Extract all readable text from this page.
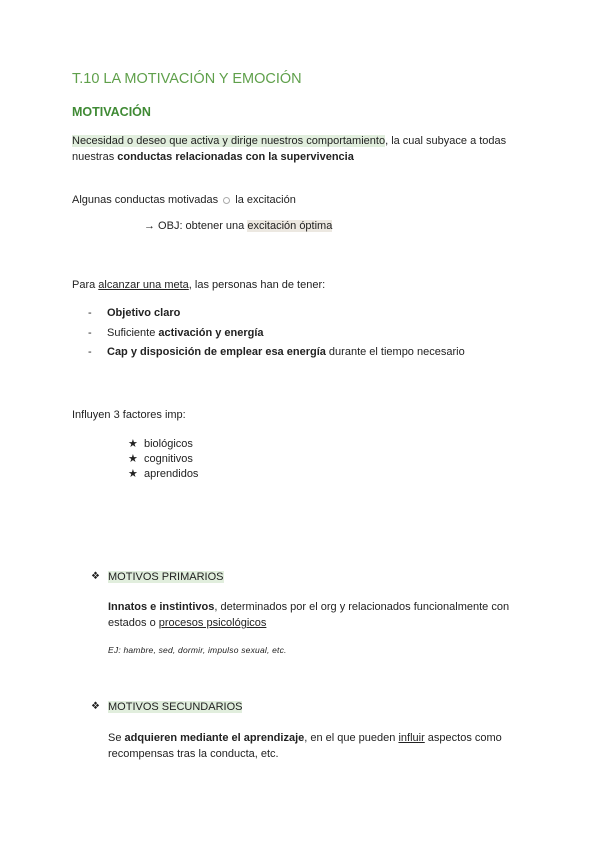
T.10 LA MOTIVACIÓN Y EMOCIÓN
MOTIVACIÓN
Necesidad o deseo que activa y dirige nuestros comportamiento, la cual subyace a todas
nuestras conductas relacionadas con la supervivencia
Algunas conductas motivadas la excitación
→ OBJ: obtener una excitación óptima
Para alcanzar una meta, las personas han de tener:
- Objetivo claro
- Suficiente activación y energía
- Cap y disposición de emplear esa energía durante el tiempo necesario
Influyen 3 factores imp:
★ biológicos
★ cognitivos
★ aprendidos
❖ MOTIVOS PRIMARIOS
Innatos e instintivos, determinados por el org y relacionados funcionalmente con
estados o procesos psicológicos
EJ: hambre, sed, dormir, impulso sexual, etc.
❖ MOTIVOS SECUNDARIOS
Se adquieren mediante el aprendizaje, en el que pueden influir aspectos como
recompensas tras la conducta, etc.
